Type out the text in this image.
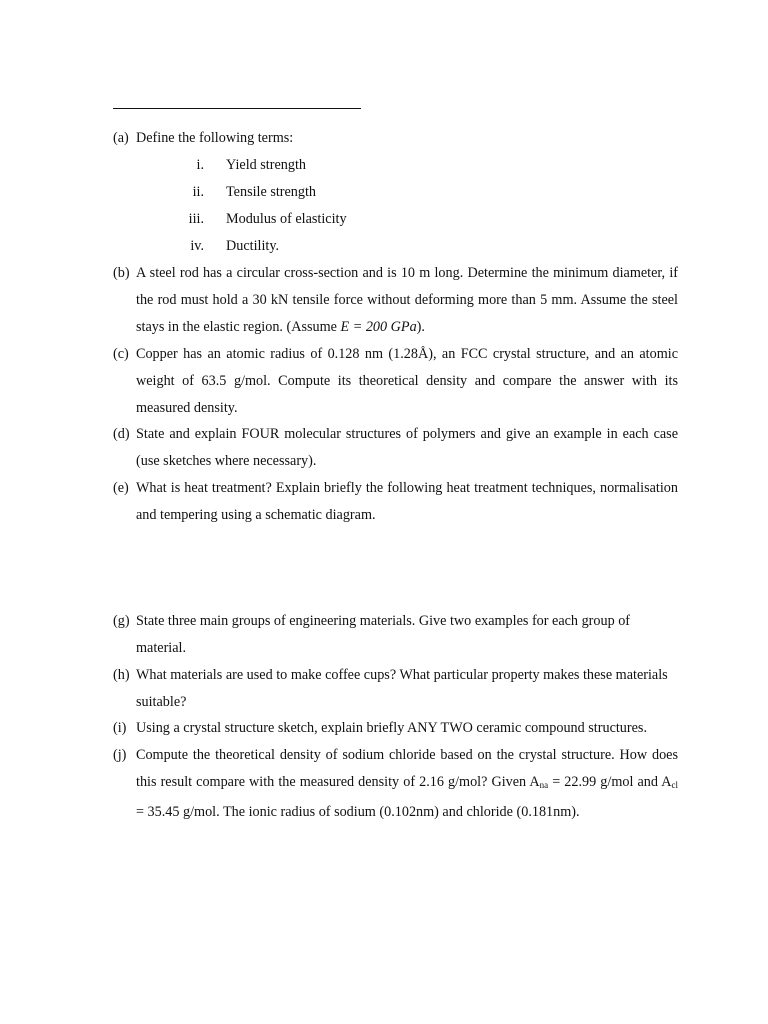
(a) Define the following terms:
i. Yield strength
ii. Tensile strength
iii. Modulus of elasticity
iv. Ductility.
(b) A steel rod has a circular cross-section and is 10 m long. Determine the minimum diameter, if the rod must hold a 30 kN tensile force without deforming more than 5 mm. Assume the steel stays in the elastic region. (Assume E = 200 GPa).
(c) Copper has an atomic radius of 0.128 nm (1.28Å), an FCC crystal structure, and an atomic weight of 63.5 g/mol. Compute its theoretical density and compare the answer with its measured density.
(d) State and explain FOUR molecular structures of polymers and give an example in each case (use sketches where necessary).
(e) What is heat treatment? Explain briefly the following heat treatment techniques, normalisation and tempering using a schematic diagram.
(g) State three main groups of engineering materials. Give two examples for each group of material.
(h) What materials are used to make coffee cups? What particular property makes these materials suitable?
(i) Using a crystal structure sketch, explain briefly ANY TWO ceramic compound structures.
(j) Compute the theoretical density of sodium chloride based on the crystal structure. How does this result compare with the measured density of 2.16 g/mol? Given $A_{na} = 22.99$ g/mol and $A_{cl} = 35.45$ g/mol. The ionic radius of sodium (0.102nm) and chloride (0.181nm).
